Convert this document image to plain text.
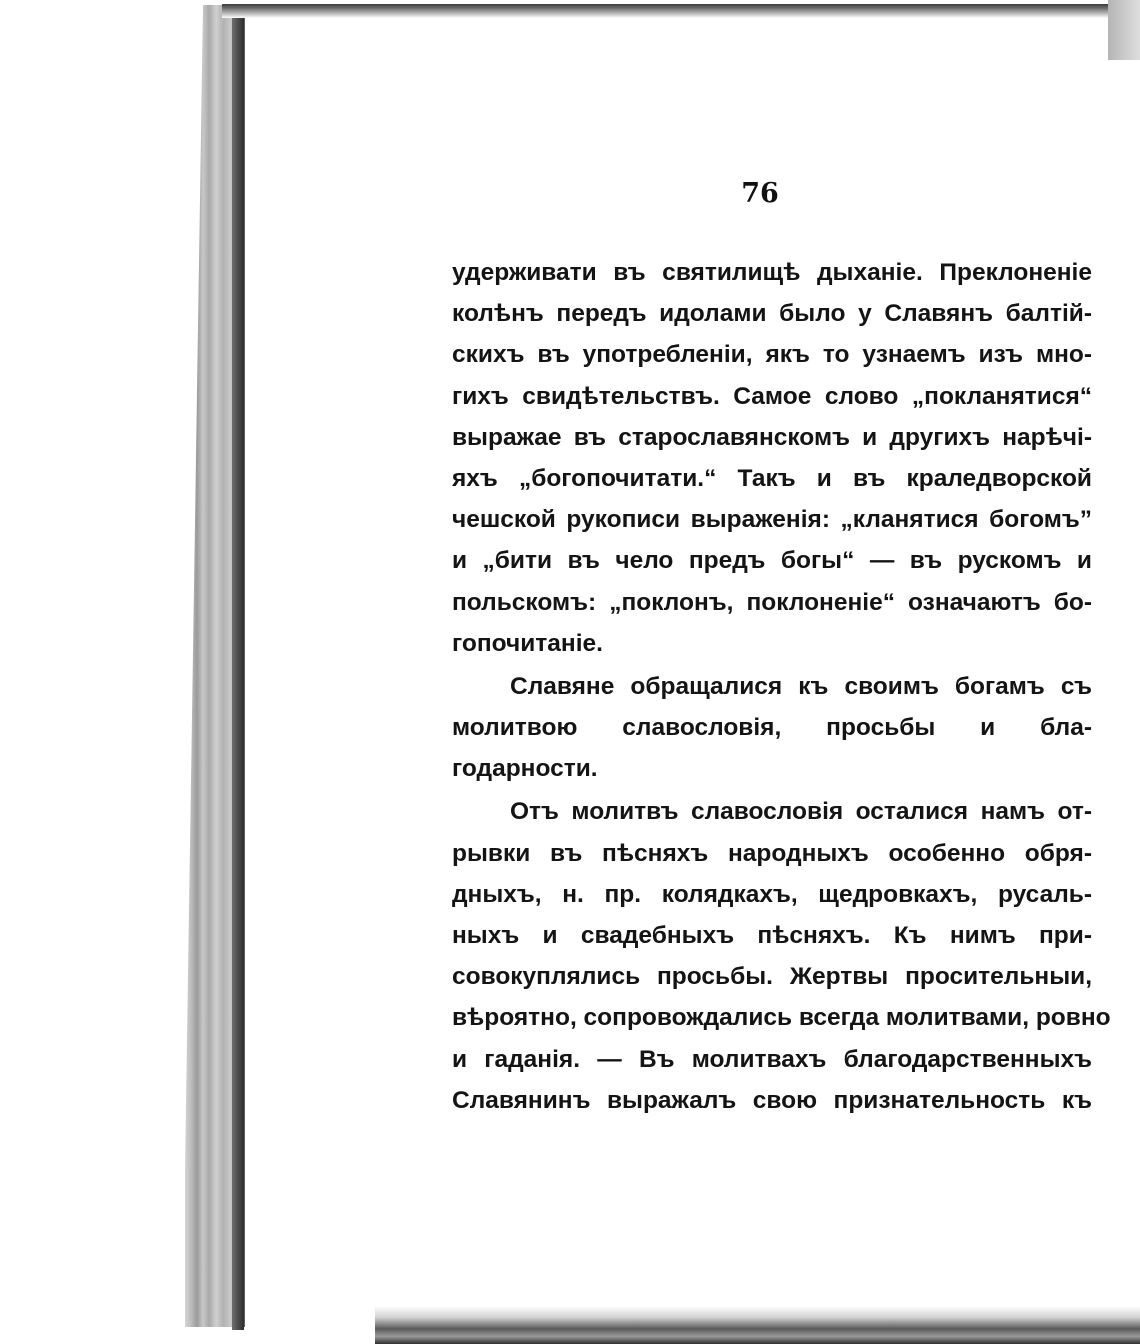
76
удерживати въ святилищѣ дыханіе. Преклоненіе
колѣнъ передъ идолами было у Славянъ балтій-
скихъ въ употребленіи, якъ то узнаемъ изъ мно-
гихъ свидѣтельствъ. Самое слово „покланятися“
выражае въ старославянскомъ и другихъ нарѣчі-
яхъ „богопочитати.“ Такъ и въ краледворской
чешской рукописи выраженія: „кланятися богомъ”
и „бити въ чело предъ богы“ — въ рускомъ и
польскомъ: „поклонъ, поклоненіе“ означаютъ бо-
гопочитаніе.
Славяне обращалися къ своимъ богамъ съ
молитвою славословія, просьбы и бла-
годарности.
Отъ молитвъ славословія осталися намъ от-
рывки въ пѣсняхъ народныхъ особенно обря-
дныхъ, н. пр. колядкахъ, щедровкахъ, русаль-
ныхъ и свадебныхъ пѣсняхъ. Къ нимъ при-
совокуплялись просьбы. Жертвы просительныи,
вѣроятно, сопровождались всегда молитвами, ровно
и гаданія. — Въ молитвахъ благодарственныхъ
Славянинъ выражалъ свою признательность къ
